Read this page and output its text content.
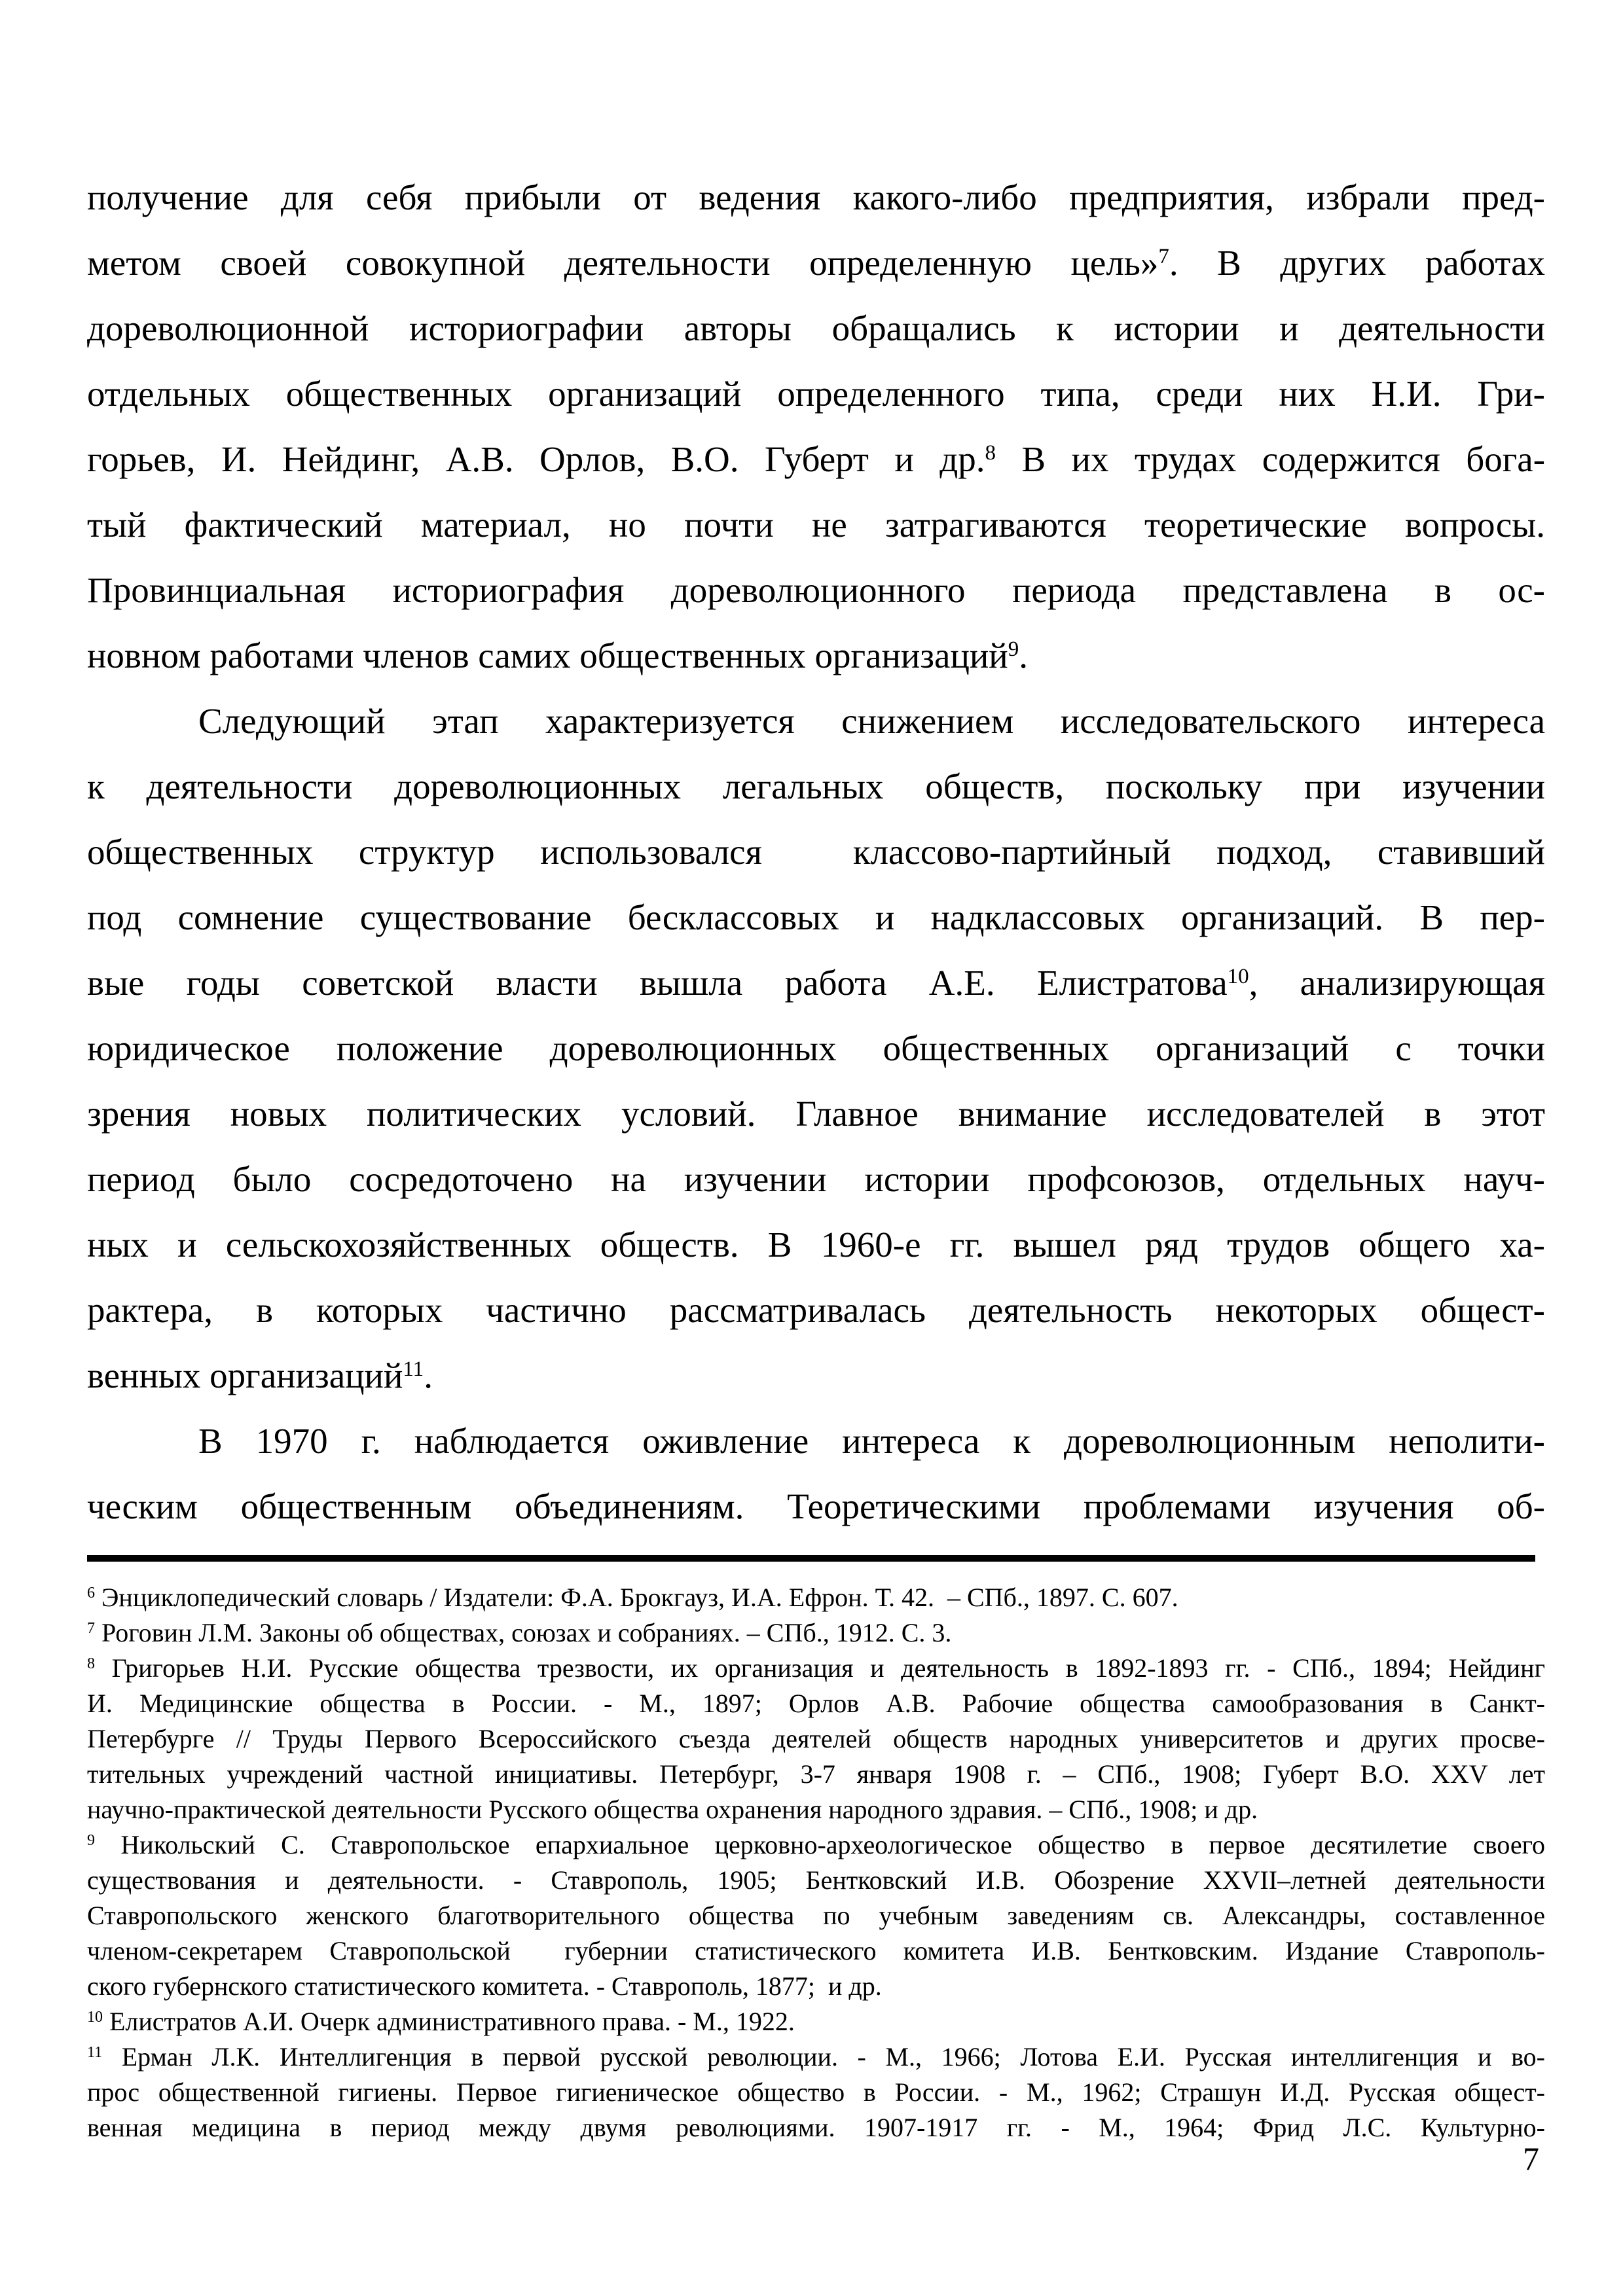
получение для себя прибыли от ведения какого-либо предприятия, избрали пред-
метом своей совокупной деятельности определенную цель»$^7$. В других работах
дореволюционной историографии авторы обращались к истории и деятельности
отдельных общественных организаций определенного типа, среди них Н.И. Гри-
горьев, И. Нейдинг, А.В. Орлов, В.О. Губерт и др.$^8$ В их трудах содержится бога-
тый фактический материал, но почти не затрагиваются теоретические вопросы.
Провинциальная историография дореволюционного периода представлена в ос-
новном работами членов самих общественных организаций$^9$.

Следующий этап характеризуется снижением исследовательского интереса
к деятельности дореволюционных легальных обществ, поскольку при изучении
общественных структур использовался  классово-партийный подход, ставивший
под сомнение существование бесклассовых и надклассовых организаций. В пер-
вые годы советской власти вышла работа А.Е. Елистратова$^{10}$, анализирующая
юридическое положение дореволюционных общественных организаций с точки
зрения новых политических условий. Главное внимание исследователей в этот
период было сосредоточено на изучении истории профсоюзов, отдельных науч-
ных и сельскохозяйственных обществ. В 1960-е гг. вышел ряд трудов общего ха-
рактера, в которых частично рассматривалась деятельность некоторых общест-
венных организаций$^{11}$.

В 1970 г. наблюдается оживление интереса к дореволюционным неполити-
ческим общественным объединениям. Теоретическими проблемами изучения об-

$^6$ Энциклопедический словарь / Издатели: Ф.А. Брокгауз, И.А. Ефрон. Т. 42.  – СПб., 1897. С. 607.
$^7$ Роговин Л.М. Законы об обществах, союзах и собраниях. – СПб., 1912. С. 3.
$^8$ Григорьев Н.И. Русские общества трезвости, их организация и деятельность в 1892-1893 гг. - СПб., 1894; Нейдинг
И. Медицинские общества в России. - М., 1897; Орлов А.В. Рабочие общества самообразования в Санкт-
Петербурге // Труды Первого Всероссийского съезда деятелей обществ народных университетов и других просве-
тительных учреждений частной инициативы. Петербург, 3-7 января 1908 г. – СПб., 1908; Губерт В.О. XXV лет
научно-практической деятельности Русского общества охранения народного здравия. – СПб., 1908; и др.
$^9$ Никольский С. Ставропольское епархиальное церковно-археологическое общество в первое десятилетие своего
существования и деятельности. - Ставрополь, 1905; Бентковский И.В. Обозрение XXVII–летней деятельности
Ставропольского женского благотворительного общества по учебным заведениям св. Александры, составленное
членом-секретарем Ставропольской  губернии статистического комитета И.В. Бентковским. Издание Ставрополь-
ского губернского статистического комитета. - Ставрополь, 1877;  и др.
$^{10}$ Елистратов А.И. Очерк административного права. - М., 1922.
$^{11}$ Ерман Л.К. Интеллигенция в первой русской революции. - М., 1966; Лотова Е.И. Русская интеллигенция и во-
прос общественной гигиены. Первое гигиеническое общество в России. - М., 1962; Страшун И.Д. Русская общест-
венная медицина в период между двумя революциями. 1907-1917 гг. - М., 1964; Фрид Л.С. Культурно-
7
